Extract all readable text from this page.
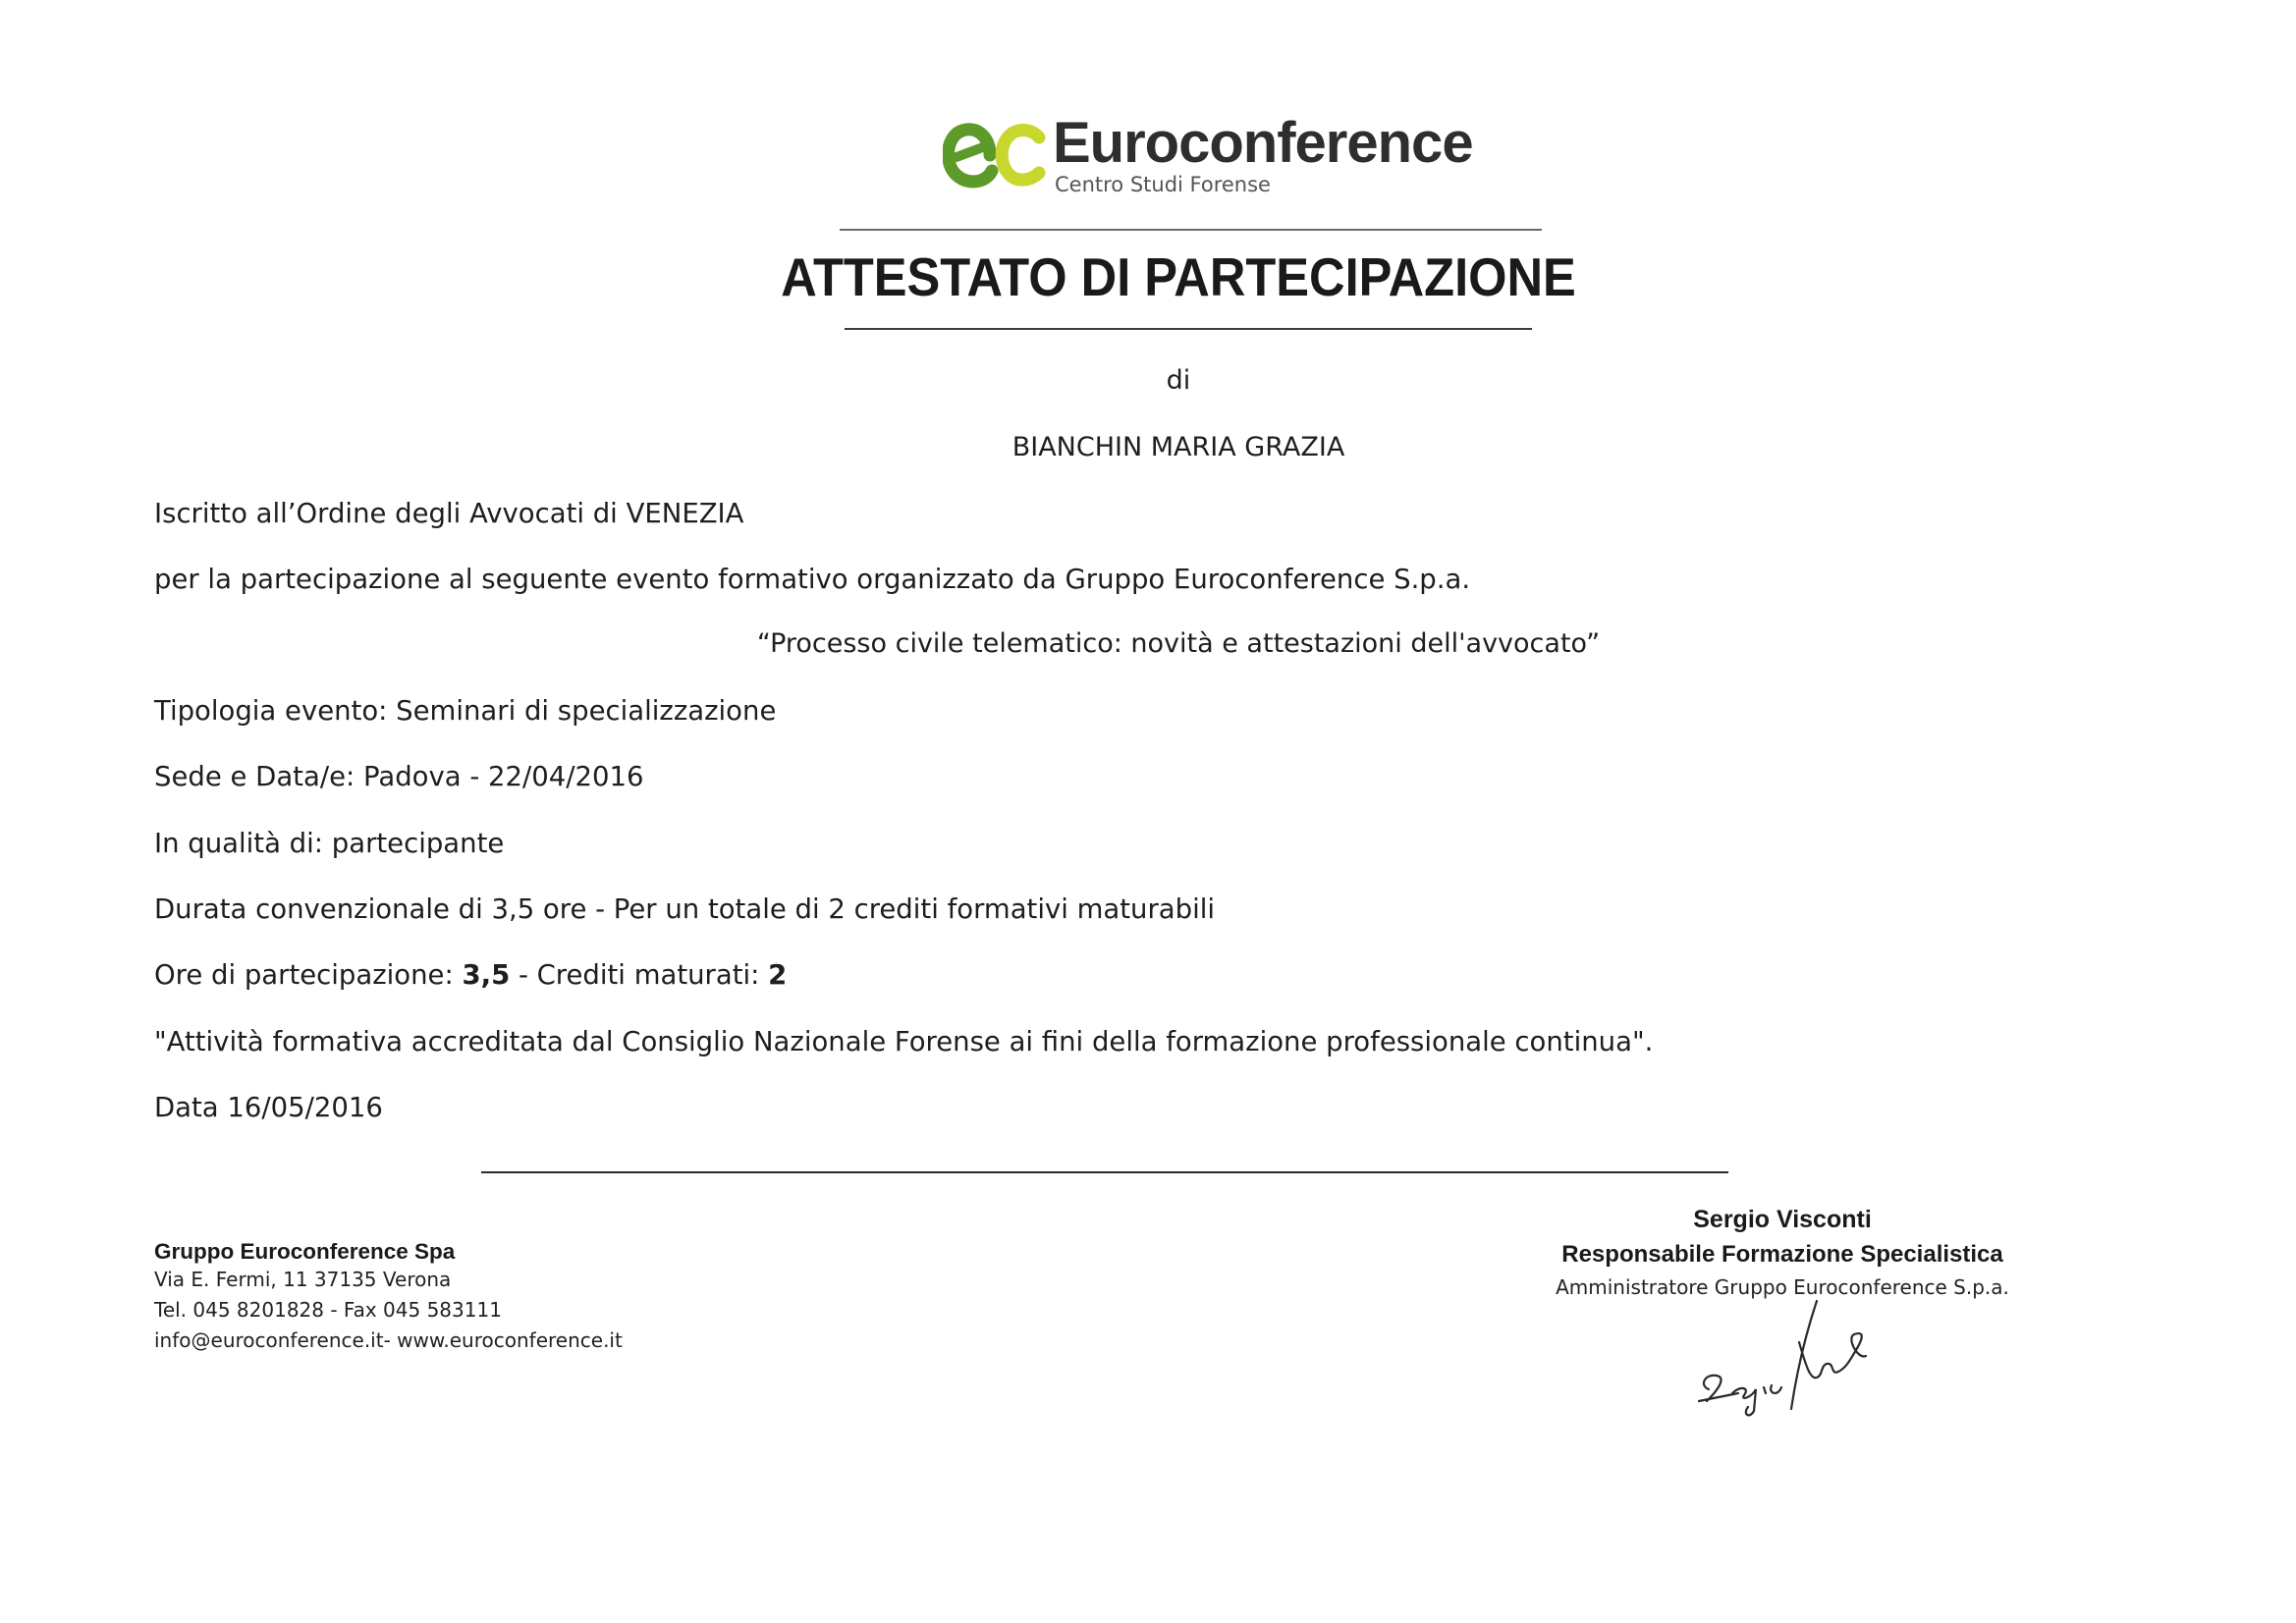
Euroconference
Centro Studi Forense
ATTESTATO DI PARTECIPAZIONE
di
BIANCHIN MARIA GRAZIA
Iscritto all’Ordine degli Avvocati di VENEZIA
per la partecipazione al seguente evento formativo organizzato da Gruppo Euroconference S.p.a.
“Processo civile telematico: novità e attestazioni dell'avvocato”
Tipologia evento: Seminari di specializzazione
Sede e Data/e: Padova - 22/04/2016
In qualità di: partecipante
Durata convenzionale di 3,5 ore - Per un totale di 2 crediti formativi maturabili
Ore di partecipazione: 3,5 - Crediti maturati: 2
"Attività formativa accreditata dal Consiglio Nazionale Forense ai fini della formazione professionale continua".
Data 16/05/2016
Gruppo Euroconference Spa
Via E. Fermi, 11 37135 Verona
Tel. 045 8201828 - Fax 045 583111
info@euroconference.it- www.euroconference.it
Sergio Visconti
Responsabile Formazione Specialistica
Amministratore Gruppo Euroconference S.p.a.
